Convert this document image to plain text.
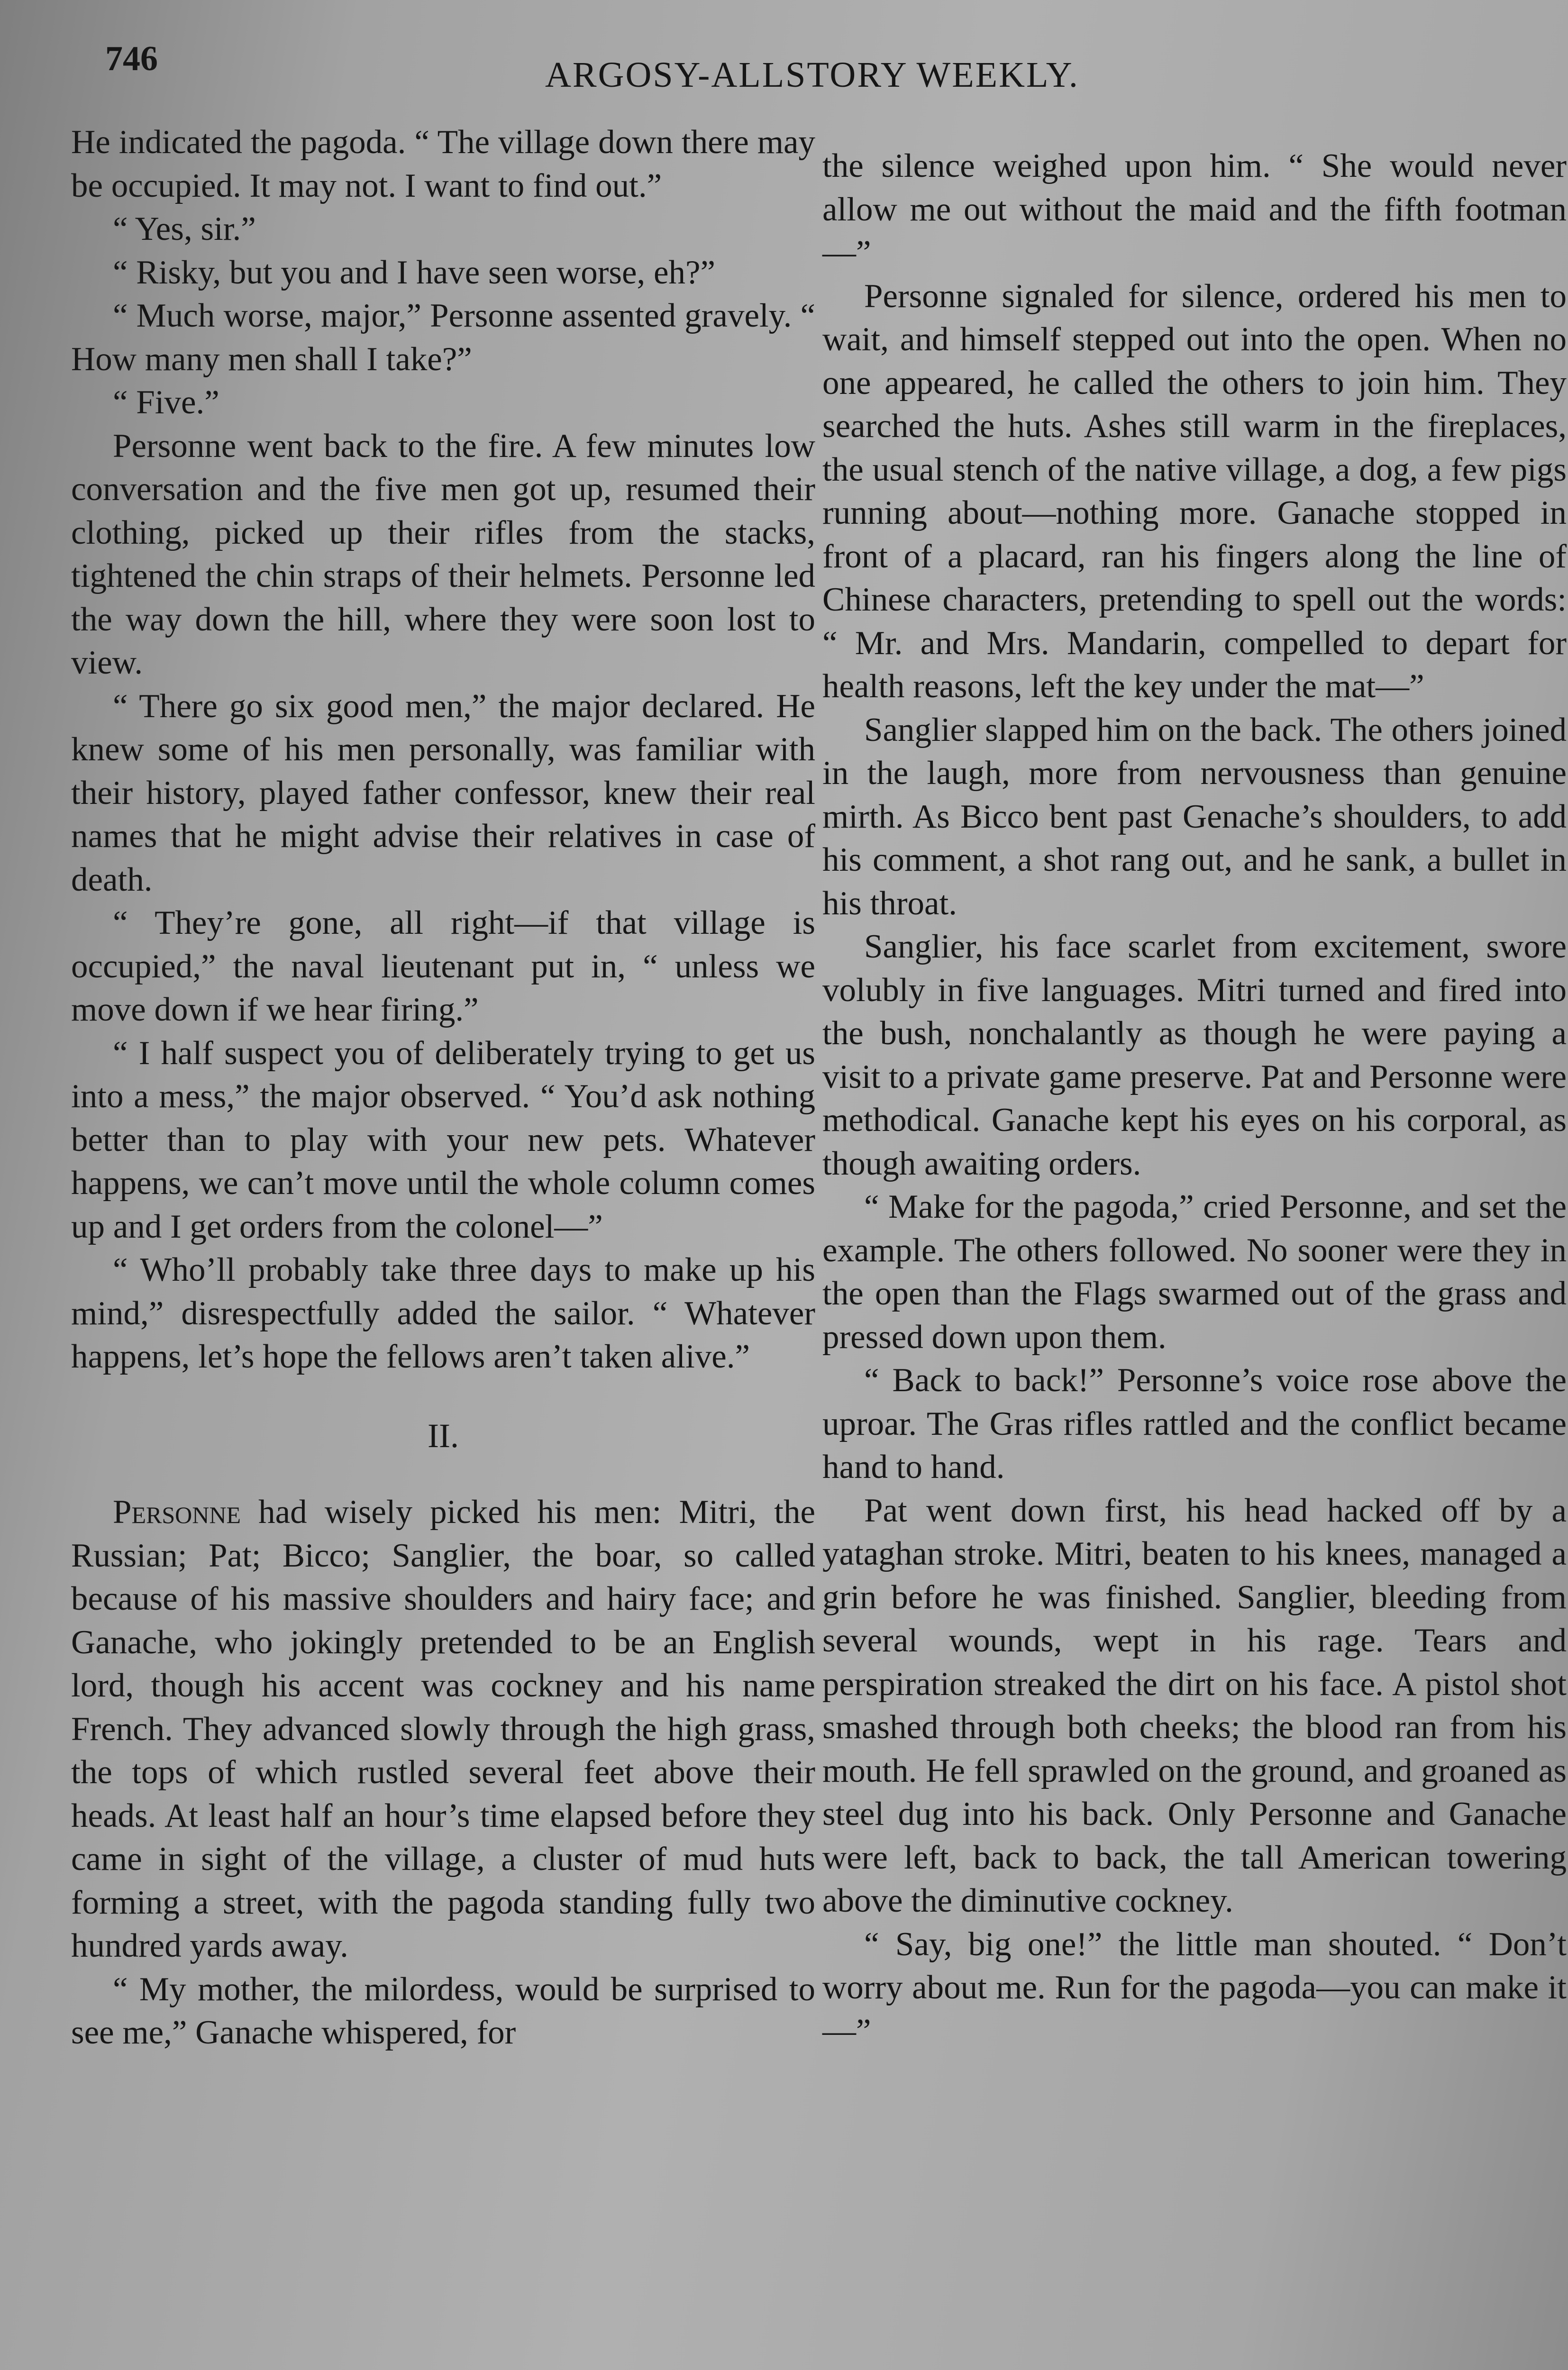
746	ARGOSY-ALLSTORY WEEKLY.

He indicated the pagoda. “ The village down there may be occupied. It may not. I want to find out.”

“ Yes, sir.”

“ Risky, but you and I have seen worse, eh?”

“ Much worse, major,” Personne assented gravely. “ How many men shall I take?”

“ Five.”

Personne went back to the fire. A few minutes low conversation and the five men got up, resumed their clothing, picked up their rifles from the stacks, tightened the chin straps of their helmets. Personne led the way down the hill, where they were soon lost to view.

“ There go six good men,” the major declared. He knew some of his men personally, was familiar with their history, played father confessor, knew their real names that he might advise their relatives in case of death.

“ They’re gone, all right—if that village is occupied,” the naval lieutenant put in, “ unless we move down if we hear firing.”

“ I half suspect you of deliberately trying to get us into a mess,” the major observed. “ You’d ask nothing better than to play with your new pets. Whatever happens, we can’t move until the whole column comes up and I get orders from the colonel—”

“ Who’ll probably take three days to make up his mind,” disrespectfully added the sailor. “ Whatever happens, let’s hope the fellows aren’t taken alive.”

II.

Personne had wisely picked his men: Mitri, the Russian; Pat; Bicco; Sanglier, the boar, so called because of his massive shoulders and hairy face; and Ganache, who jokingly pretended to be an English lord, though his accent was cockney and his name French. They advanced slowly through the high grass, the tops of which rustled several feet above their heads. At least half an hour’s time elapsed before they came in sight of the village, a cluster of mud huts forming a street, with the pagoda standing fully two hundred yards away.

“ My mother, the milordess, would be surprised to see me,” Ganache whispered, for

the silence weighed upon him. “ She would never allow me out without the maid and the fifth footman—”

Personne signaled for silence, ordered his men to wait, and himself stepped out into the open. When no one appeared, he called the others to join him. They searched the huts. Ashes still warm in the fireplaces, the usual stench of the native village, a dog, a few pigs running about—nothing more. Ganache stopped in front of a placard, ran his fingers along the line of Chinese characters, pretending to spell out the words: “ Mr. and Mrs. Mandarin, compelled to depart for health reasons, left the key under the mat—”

Sanglier slapped him on the back. The others joined in the laugh, more from nervousness than genuine mirth. As Bicco bent past Genache’s shoulders, to add his comment, a shot rang out, and he sank, a bullet in his throat.

Sanglier, his face scarlet from excitement, swore volubly in five languages. Mitri turned and fired into the bush, nonchalantly as though he were paying a visit to a private game preserve. Pat and Personne were methodical. Ganache kept his eyes on his corporal, as though awaiting orders.

“ Make for the pagoda,” cried Personne, and set the example. The others followed. No sooner were they in the open than the Flags swarmed out of the grass and pressed down upon them.

“ Back to back!” Personne’s voice rose above the uproar. The Gras rifles rattled and the conflict became hand to hand.

Pat went down first, his head hacked off by a yataghan stroke. Mitri, beaten to his knees, managed a grin before he was finished. Sanglier, bleeding from several wounds, wept in his rage. Tears and perspiration streaked the dirt on his face. A pistol shot smashed through both cheeks; the blood ran from his mouth. He fell sprawled on the ground, and groaned as steel dug into his back. Only Personne and Ganache were left, back to back, the tall American towering above the diminutive cockney.

“ Say, big one!” the little man shouted. “ Don’t worry about me. Run for the pagoda—you can make it—”
